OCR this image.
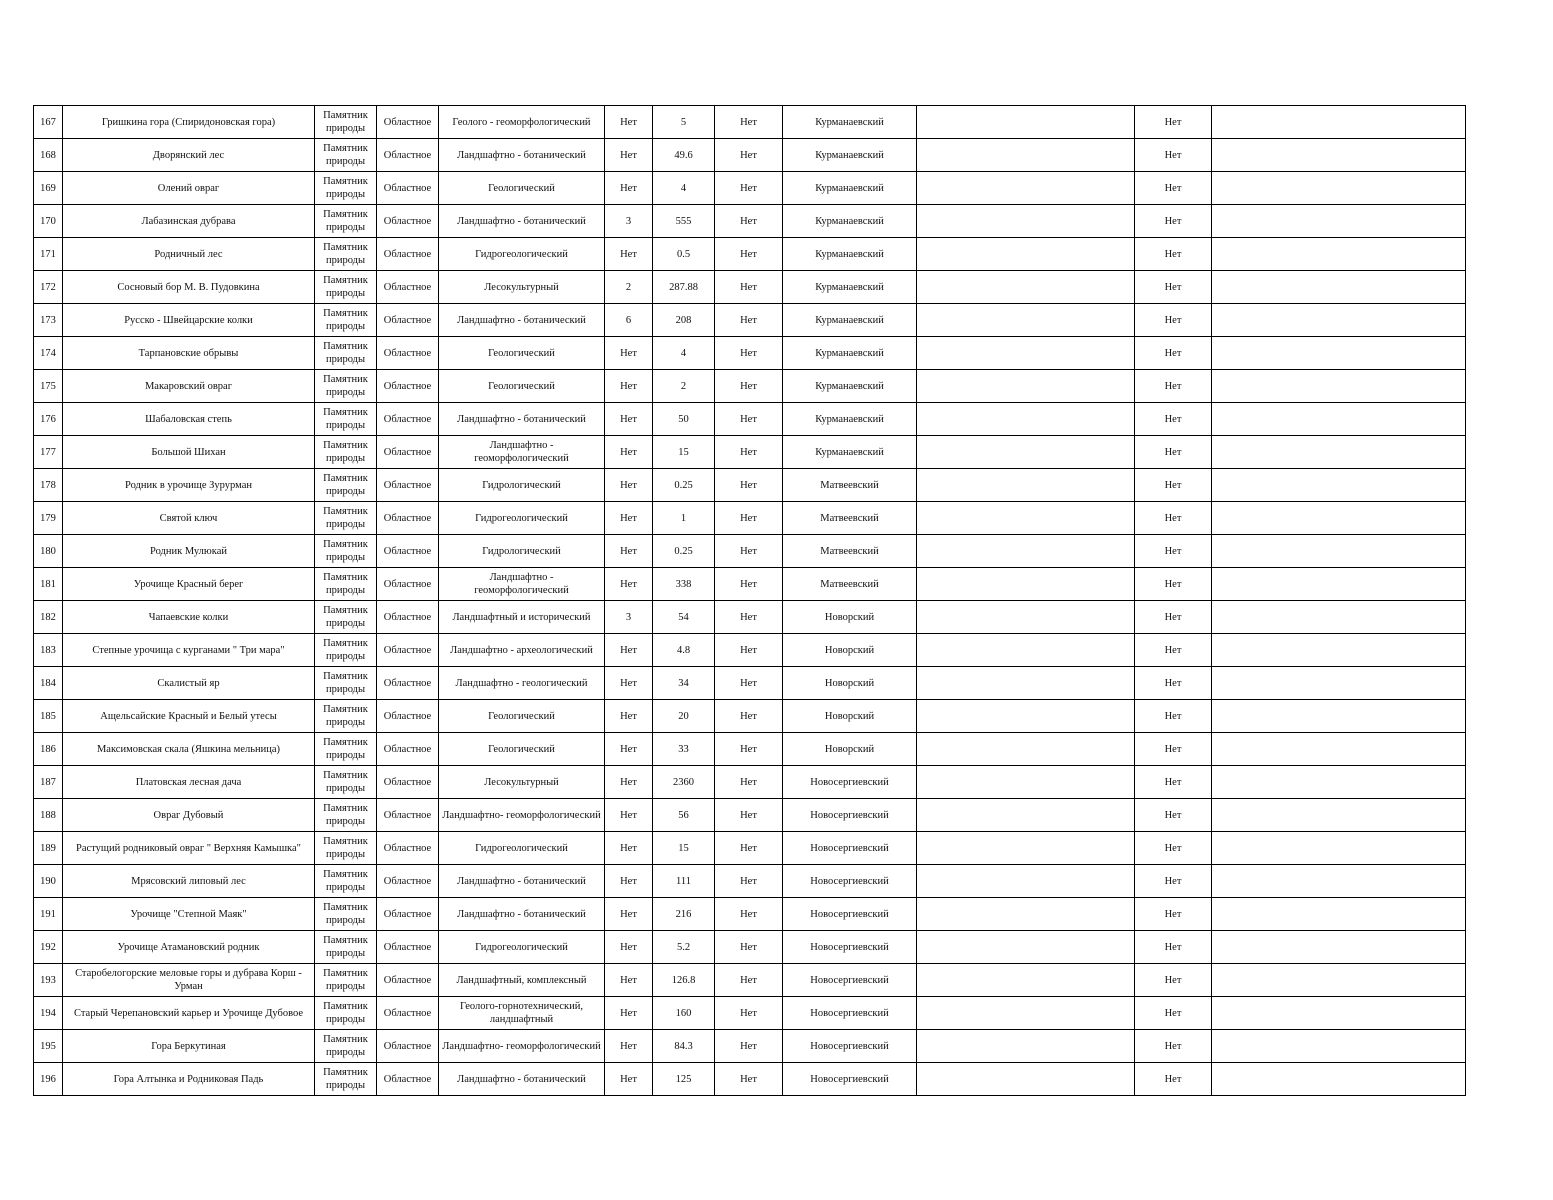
167	Гришкина гора (Спиридоновская гора)	Памятник природы	Областное	Геолого - геоморфологический	Нет	5	Нет	Курманаевский		Нет	
168	Дворянский лес	Памятник природы	Областное	Ландшафтно - ботанический	Нет	49.6	Нет	Курманаевский		Нет	
169	Олений овраг	Памятник природы	Областное	Геологический	Нет	4	Нет	Курманаевский		Нет	
170	Лабазинская дубрава	Памятник природы	Областное	Ландшафтно - ботанический	3	555	Нет	Курманаевский		Нет	
171	Родничный лес	Памятник природы	Областное	Гидрогеологический	Нет	0.5	Нет	Курманаевский		Нет	
172	Сосновый бор М. В. Пудовкина	Памятник природы	Областное	Лесокультурный	2	287.88	Нет	Курманаевский		Нет	
173	Русско - Швейцарские колки	Памятник природы	Областное	Ландшафтно - ботанический	6	208	Нет	Курманаевский		Нет	
174	Тарпановские обрывы	Памятник природы	Областное	Геологический	Нет	4	Нет	Курманаевский		Нет	
175	Макаровский овраг	Памятник природы	Областное	Геологический	Нет	2	Нет	Курманаевский		Нет	
176	Шабаловская степь	Памятник природы	Областное	Ландшафтно - ботанический	Нет	50	Нет	Курманаевский		Нет	
177	Большой Шихан	Памятник природы	Областное	Ландшафтно - геоморфологический	Нет	15	Нет	Курманаевский		Нет	
178	Родник в урочище Зурурман	Памятник природы	Областное	Гидрологический	Нет	0.25	Нет	Матвеевский		Нет	
179	Святой ключ	Памятник природы	Областное	Гидрогеологический	Нет	1	Нет	Матвеевский		Нет	
180	Родник Мулюкай	Памятник природы	Областное	Гидрологический	Нет	0.25	Нет	Матвеевский		Нет	
181	Урочище Красный берег	Памятник природы	Областное	Ландшафтно - геоморфологический	Нет	338	Нет	Матвеевский		Нет	
182	Чапаевские колки	Памятник природы	Областное	Ландшафтный и исторический	3	54	Нет	Новорский		Нет	
183	Степные урочища с курганами " Три мара"	Памятник природы	Областное	Ландшафтно - археологический	Нет	4.8	Нет	Новорский		Нет	
184	Скалистый яр	Памятник природы	Областное	Ландшафтно - геологический	Нет	34	Нет	Новорский		Нет	
185	Ащельсайские Красный и Белый утесы	Памятник природы	Областное	Геологический	Нет	20	Нет	Новорский		Нет	
186	Максимовская скала (Яшкина мельница)	Памятник природы	Областное	Геологический	Нет	33	Нет	Новорский		Нет	
187	Платовская лесная дача	Памятник природы	Областное	Лесокультурный	Нет	2360	Нет	Новосергиевский		Нет	
188	Овраг Дубовый	Памятник природы	Областное	Ландшафтно- геоморфологический	Нет	56	Нет	Новосергиевский		Нет	
189	Растущий родниковый овраг " Верхняя Камышка"	Памятник природы	Областное	Гидрогеологический	Нет	15	Нет	Новосергиевский		Нет	
190	Мрясовский липовый лес	Памятник природы	Областное	Ландшафтно - ботанический	Нет	111	Нет	Новосергиевский		Нет	
191	Урочище "Степной Маяк"	Памятник природы	Областное	Ландшафтно - ботанический	Нет	216	Нет	Новосергиевский		Нет	
192	Урочище Атамановский родник	Памятник природы	Областное	Гидрогеологический	Нет	5.2	Нет	Новосергиевский		Нет	
193	Старобелогорские меловые горы и дубрава Корш - Урман	Памятник природы	Областное	Ландшафтный, комплексный	Нет	126.8	Нет	Новосергиевский		Нет	
194	Старый Черепановский карьер и Урочище Дубовое	Памятник природы	Областное	Геолого-горнотехнический, ландшафтный	Нет	160	Нет	Новосергиевский		Нет	
195	Гора Беркутиная	Памятник природы	Областное	Ландшафтно- геоморфологический	Нет	84.3	Нет	Новосергиевский		Нет	
196	Гора Алтынка и Родниковая Падь	Памятник природы	Областное	Ландшафтно - ботанический	Нет	125	Нет	Новосергиевский		Нет	
